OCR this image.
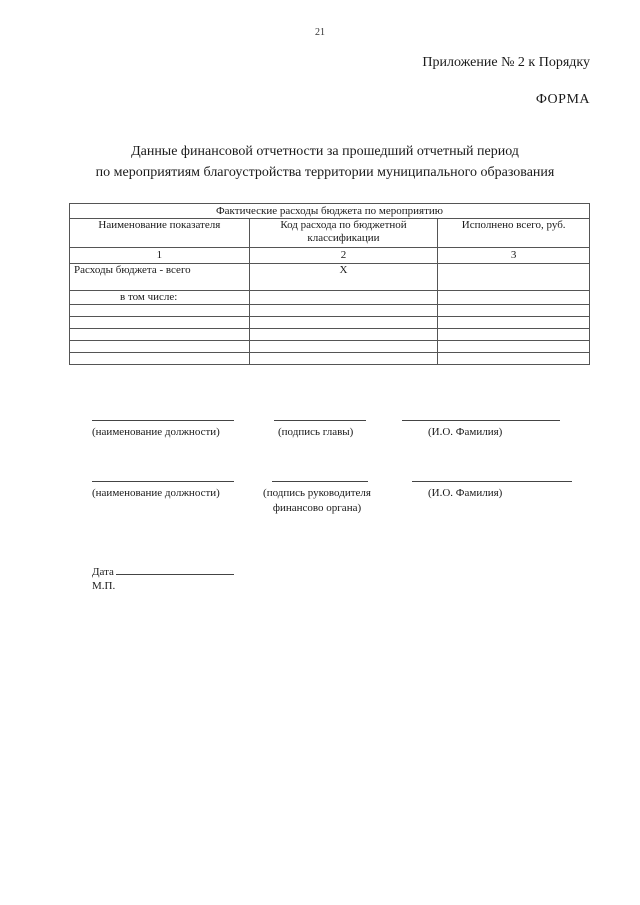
21
Приложение № 2 к Порядку
ФОРМА
Данные финансовой отчетности за прошедший отчетный период
по мероприятиям благоустройства территории муниципального образования
Фактические расходы бюджета по мероприятию		
Наименование показателя	Код расхода по бюджетной классификации	Исполнено всего, руб.
1	2	3
Расходы бюджета - всего	Х	
в том числе:		

(наименование должности)	(подпись главы)	(И.О. Фамилия)
(наименование должности)	(подпись руководителя
финансово органа)
(И.О. Фамилия)
Дата
М.П.
